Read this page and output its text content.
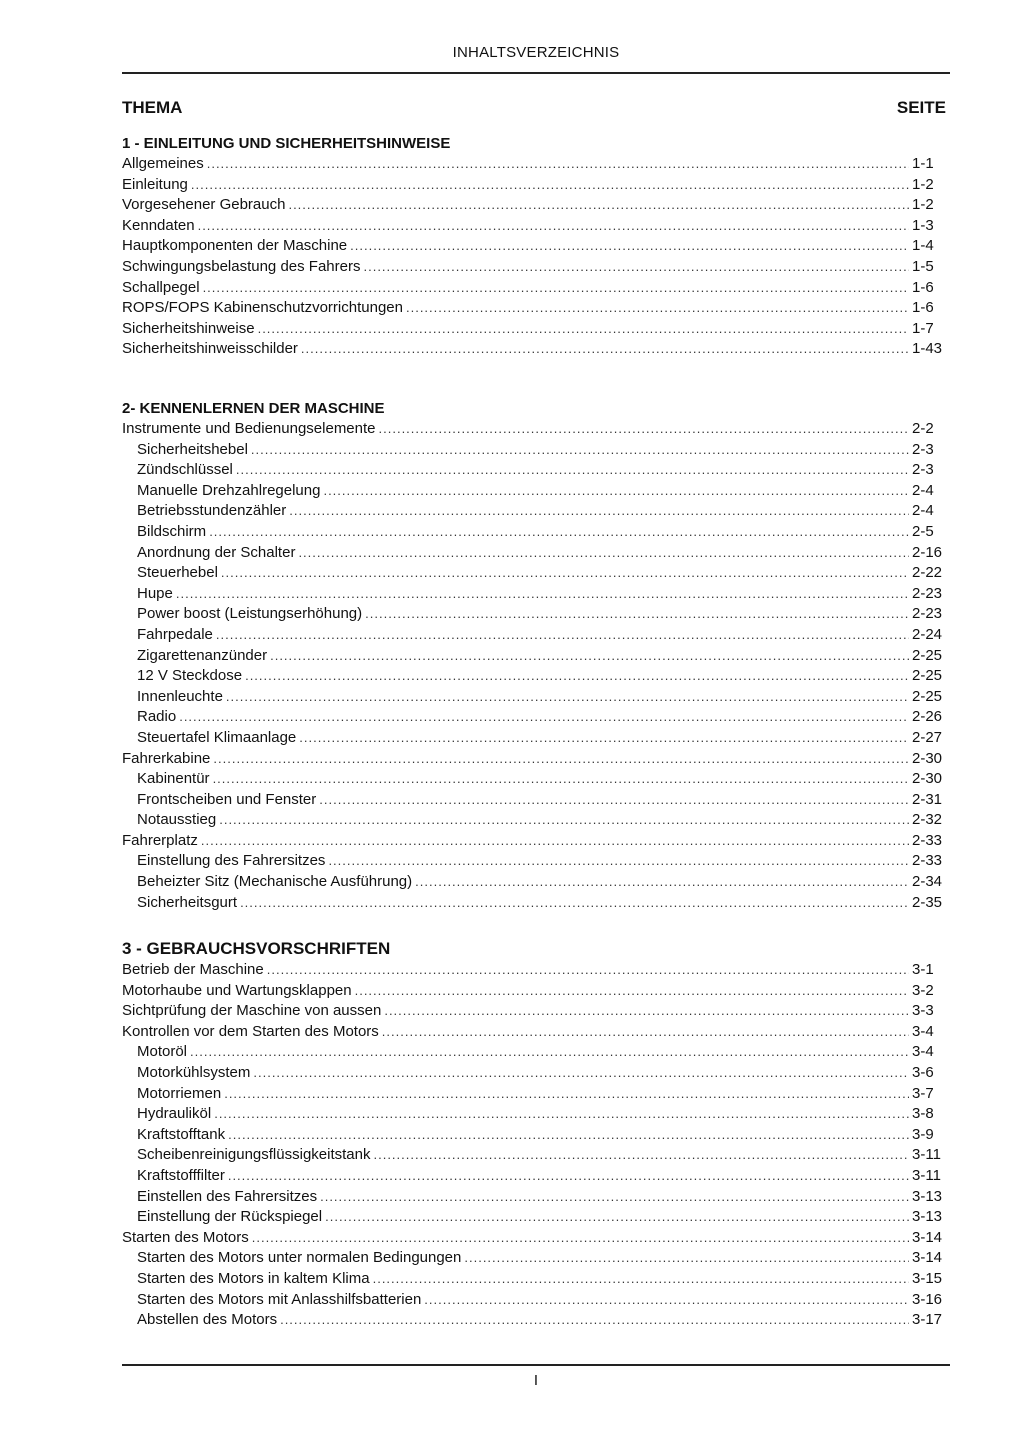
INHALTSVERZEICHNIS
THEMA	SEITE
1 - EINLEITUNG UND SICHERHEITSHINWEISE
Allgemeines .....	1-1
Einleitung .....	1-2
Vorgesehener Gebrauch .....	1-2
Kenndaten .....	1-3
Hauptkomponenten der Maschine .....	1-4
Schwingungsbelastung des Fahrers .....	1-5
Schallpegel .....	1-6
ROPS/FOPS Kabinenschutzvorrichtungen .....	1-6
Sicherheitshinweise .....	1-7
Sicherheitshinweisschilder .....	1-43
2- KENNENLERNEN DER MASCHINE
Instrumente und Bedienungselemente .....	2-2
Sicherheitshebel .....	2-3
Zündschlüssel .....	2-3
Manuelle Drehzahlregelung .....	2-4
Betriebsstundenzähler .....	2-4
Bildschirm .....	2-5
Anordnung der Schalter .....	2-16
Steuerhebel .....	2-22
Hupe .....	2-23
Power boost (Leistungserhöhung) .....	2-23
Fahrpedale .....	2-24
Zigarettenanzünder .....	2-25
12 V Steckdose .....	2-25
Innenleuchte .....	2-25
Radio .....	2-26
Steuertafel Klimaanlage .....	2-27
Fahrerkabine .....	2-30
Kabinentür .....	2-30
Frontscheiben und Fenster .....	2-31
Notausstieg .....	2-32
Fahrerplatz .....	2-33
Einstellung des Fahrersitzes .....	2-33
Beheizter Sitz (Mechanische Ausführung) .....	2-34
Sicherheitsgurt .....	2-35
3 - GEBRAUCHSVORSCHRIFTEN
Betrieb der Maschine .....	3-1
Motorhaube und Wartungsklappen .....	3-2
Sichtprüfung der Maschine von aussen .....	3-3
Kontrollen vor dem Starten des Motors .....	3-4
Motoröl .....	3-4
Motorkühlsystem .....	3-6
Motorriemen .....	3-7
Hydrauliköl .....	3-8
Kraftstofftank .....	3-9
Scheibenreinigungsflüssigkeitstank .....	3-11
Kraftstofffilter .....	3-11
Einstellen des Fahrersitzes .....	3-13
Einstellung der Rückspiegel .....	3-13
Starten des Motors .....	3-14
Starten des Motors unter normalen Bedingungen .....	3-14
Starten des Motors in kaltem Klima .....	3-15
Starten des Motors mit Anlasshilfsbatterien .....	3-16
Abstellen des Motors .....	3-17
I
